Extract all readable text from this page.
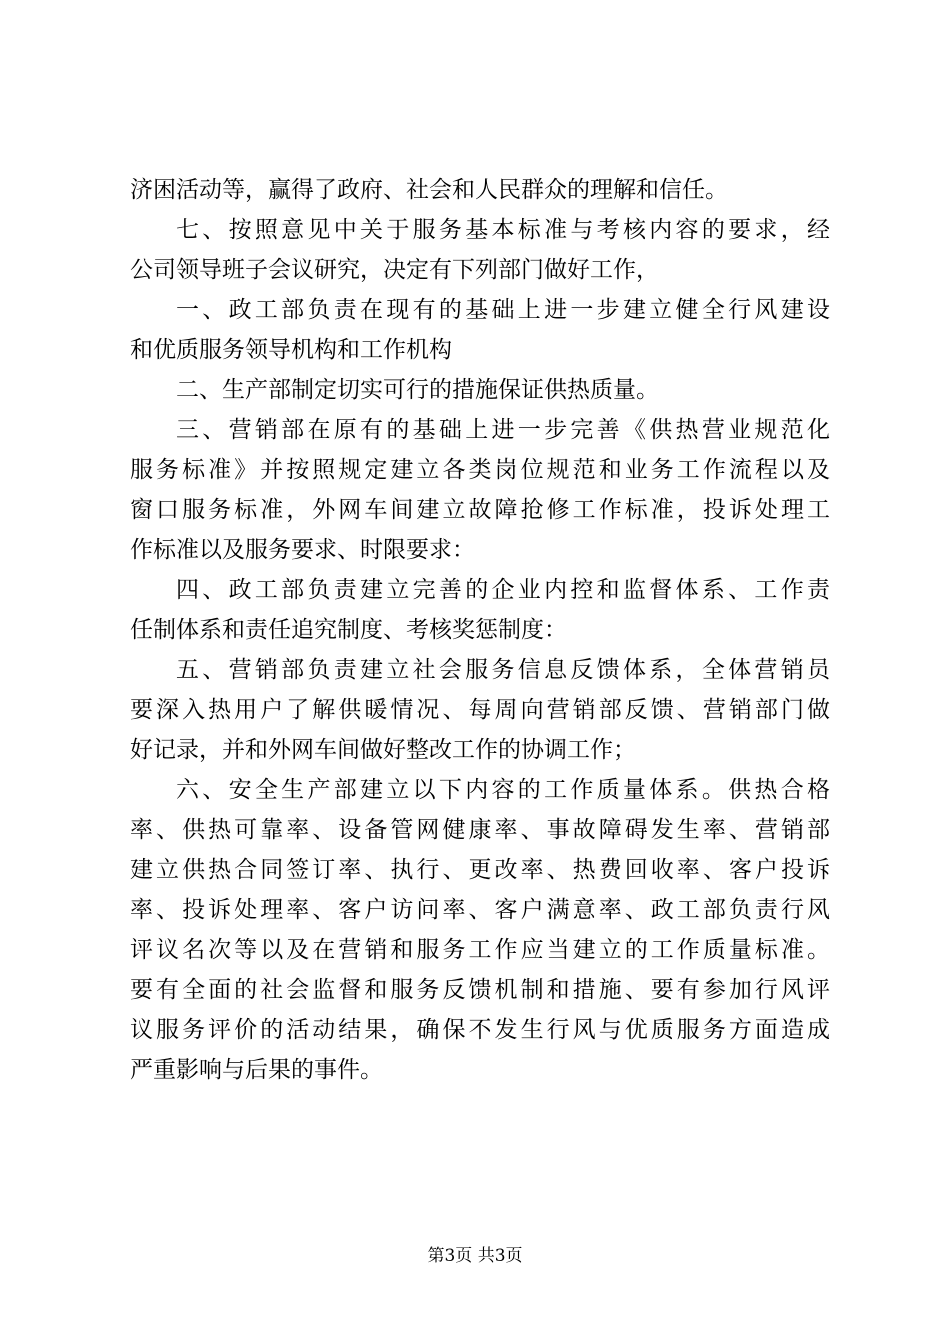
济困活动等，赢得了政府、社会和人民群众的理解和信任。
七、按照意见中关于服务基本标准与考核内容的要求，经
公司领导班子会议研究，决定有下列部门做好工作，
一、政工部负责在现有的基础上进一步建立健全行风建设
和优质服务领导机构和工作机构
二、生产部制定切实可行的措施保证供热质量。
三、营销部在原有的基础上进一步完善《供热营业规范化
服务标准》并按照规定建立各类岗位规范和业务工作流程以及
窗口服务标准，外网车间建立故障抢修工作标准，投诉处理工
作标准以及服务要求、时限要求：
四、政工部负责建立完善的企业内控和监督体系、工作责
任制体系和责任追究制度、考核奖惩制度：
五、营销部负责建立社会服务信息反馈体系，全体营销员
要深入热用户了解供暖情况、每周向营销部反馈、营销部门做
好记录，并和外网车间做好整改工作的协调工作；
六、安全生产部建立以下内容的工作质量体系。供热合格
率、供热可靠率、设备管网健康率、事故障碍发生率、营销部
建立供热合同签订率、执行、更改率、热费回收率、客户投诉
率、投诉处理率、客户访问率、客户满意率、政工部负责行风
评议名次等以及在营销和服务工作应当建立的工作质量标准。
要有全面的社会监督和服务反馈机制和措施、要有参加行风评
议服务评价的活动结果，确保不发生行风与优质服务方面造成
严重影响与后果的事件。
第3页 共3页
